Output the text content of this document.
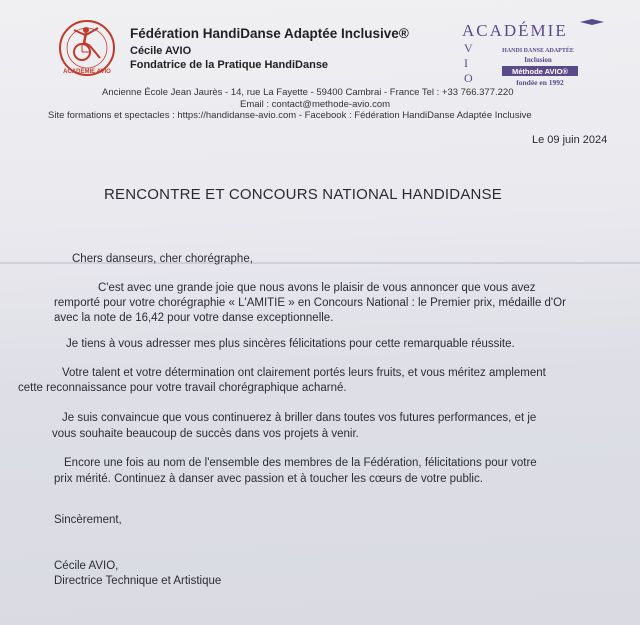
ACADÉMIE AVIO
Fédération HandiDanse Adaptée Inclusive®
Cécile AVIO
Fondatrice de la Pratique HandiDanse
ACADÉMIE
V
I
O
HANDI DANSE ADAPTÉE
Inclusion
Méthode AVIO®
fondée en 1992
Ancienne École Jean Jaurès - 14, rue La Fayette - 59400 Cambrai - France Tel : +33 766.377.220
Email : contact@methode-avio.com
Site formations et spectacles : https://handidanse-avio.com - Facebook : Fédération HandiDanse Adaptée Inclusive
Le 09 juin 2024
RENCONTRE ET CONCOURS NATIONAL HANDIDANSE
Chers danseurs, cher chorégraphe,
C'est avec une grande joie que nous avons le plaisir de vous annoncer que vous avez
remporté pour votre chorégraphie « L'AMITIE » en Concours National : le Premier prix, médaille d'Or
avec la note de 16,42 pour votre danse exceptionnelle.
Je tiens à vous adresser mes plus sincères félicitations pour cette remarquable réussite.
Votre talent et votre détermination ont clairement portés leurs fruits, et vous méritez amplement
cette reconnaissance pour votre travail chorégraphique acharné.
Je suis convaincue que vous continuerez à briller dans toutes vos futures performances, et je
vous souhaite beaucoup de succès dans vos projets à venir.
Encore une fois au nom de l'ensemble des membres de la Fédération, félicitations pour votre
prix mérité. Continuez à danser avec passion et à toucher les cœurs de votre public.
Sincèrement,
Cécile AVIO,
Directrice Technique et Artistique
